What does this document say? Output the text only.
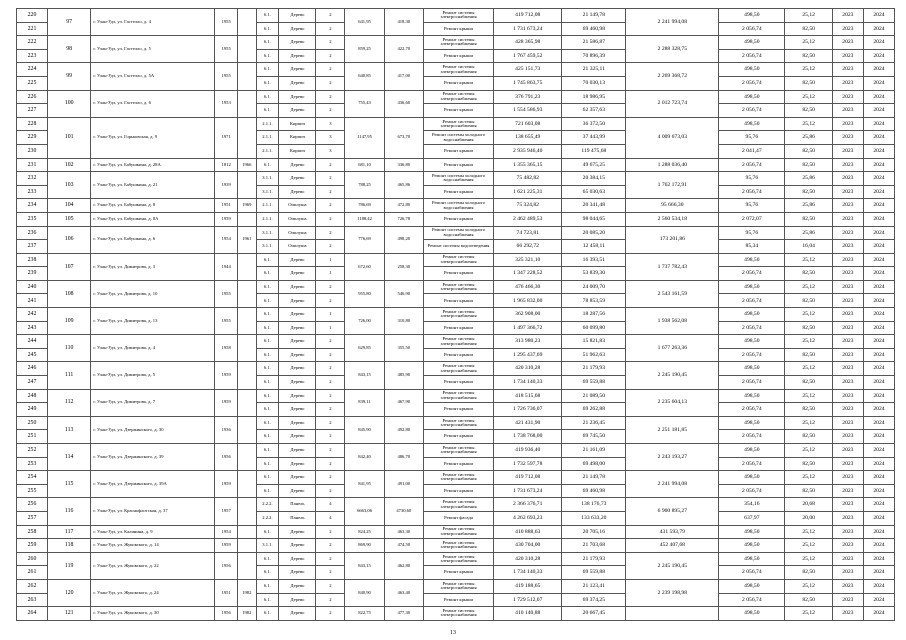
220	97	г. Улан-Удэ, ул. Гастелло, д. 4	1955		6.1.	Дерево	2	641,95	418,30	Ремонт системы электроснабжения	419 712,08	21 149,78	2 241 994,08	498,50	25,12	2023	2024
221					6.1.	Дерево	2			Ремонт крыши	1 731 673,24	69 460,98		2 056,74	82,50	2023	2024
222	98	г. Улан-Удэ, ул. Гастелло, д. 5	1955		6.1.	Дерево	2	859,25	422,70	Ремонт системы электроснабжения	428 365,98	21 586,87	2 288 328,75	498,50	25,12	2023	2024
223					6.1.	Дерево	2			Ремонт крыши	1 767 459,52	70 896,39		2 056,74	82,50	2023	2024
224	99	г. Улан-Удэ, ул. Гастелло, д. 5А	1955		6.1.	Дерево	2	640,85	417,00	Ремонт системы электроснабжения	425 151,73	21 325,11	2 269 368,72	498,50	25,12	2023	2024
225					6.1.	Дерево	2			Ремонт крыши	1 745 863,75	70 030,13		2 056,74	82,50	2023	2024
226	100	г. Улан-Удэ, ул. Гастелло, д. 6	1953		6.1.	Дерево	2	755,43	436,60	Ремонт системы электроснабжения	376 791,23	18 986,95	2 012 723,74	498,50	25,12	2023	2024
227					6.1.	Дерево	2			Ремонт крыши	1 554 586,93	62 357,63		2 056,74	82,50	2023	2024
228	101	г. Улан-Удэ, ул. Горьковская, д. 9	1971		2.1.1.	Кирпич	3	1147,95	673,70	Ремонт системы электроснабжения	721 603,08	36 372,50	4 009 673,03	498,50	25,12	2023	2024
229					2.1.1.	Кирпич	3			Ремонт системы холодного водоснабжения	138 655,49	37 443,99		95,76	25,86	2023	2024
230					2.1.1.	Кирпич	3			Ремонт крыши	2 935 946,40	119 475,68		2 041,47	82,50	2023	2024
231	102	г. Улан-Удэ, ул. Бабушкина, д. 28А	1812	1966	6.1.	Дерево	2	681,10	336,80	Ремонт крыши	1 355 365,15	49 675,25	1 288 036,40	2 056,74	82,50	2023	2024
232	103	г. Улан-Удэ, ул. Бабушкина, д. 21	1939		3.1.1.	Дерево	2	788,25	465,86	Ремонт системы холодного водоснабжения	75 482,82	20 384,15	1 762 172,91	95,76	25,86	2023	2024
233					3.1.1.	Дерево	2			Ремонт крыши	1 621 225,31	65 030,63		2 056,74	82,50	2023	2024
234	104	г. Улан-Удэ, ул. Бабушкина, д. 8	1951	1969	2.1.1.	Опилуша	2	786,69	472,80	Ремонт системы холодного водоснабжения	75 324,82	20 341,48	95 666,30	95,76	25,86	2023	2024
235	105	г. Улан-Удэ, ул. Бабушкина, д. 8А	1959		2.1.1.	Опилуша	2	1188,42	726,78	Ремонт крыши	2 462 489,53	98 044,65	2 560 534,18	2 072,07	82,50	2023	2024
236	106	г. Улан-Удэ, ул. Бабушкина, д. 6	1954	1961	3.1.1.	Опилуша	2	776,69	498,20	Ремонт системы холодного водоснабжения	74 723,81	20 085,20	173 201,86	95,76	25,86	2023	2024
237					3.1.1.	Опилуша	2			Ремонт системы водоотведения	66 292,72	12 458,11		85,34	16,04	2023	2024
238	107	г. Улан-Удэ, ул. Димитрова, д. 3	1944		6.1.	Дерево	1	672,60	258,30	Ремонт системы электроснабжения	325 321,10	16 393,51	1 737 782,43	498,50	25,12	2023	2024
239					6.1.	Дерево	1			Ремонт крыши	1 347 228,52	53 839,30		2 056,74	82,50	2023	2024
240	108	г. Улан-Удэ, ул. Димитрова, д. 10	1955		6.1.	Дерево	2	955,80	546,90	Ремонт системы электроснабжения	476 466,30	24 009,70	2 543 161,59	498,50	25,12	2023	2024
241					6.1.	Дерево	2			Ремонт крыши	1 965 832,00	78 853,59		2 056,74	82,50	2023	2024
242	109	г. Улан-Удэ, ул. Димитрова, д. 13	1955		6.1.	Дерево	1	726,00	310,80	Ремонт системы электроснабжения	362 908,00	18 287,56	1 938 562,08	498,50	25,12	2023	2024
243					6.1.	Дерево	1			Ремонт крыши	1 497 366,72	60 099,80		2 056,74	82,50	2023	2024
244	110	г. Улан-Удэ, ул. Димитрова, д. 4	1958		6.1.	Дерево	2	629,85	355,50	Ремонт системы электроснабжения	313 980,23	15 821,83	1 677 263,36	498,50	25,12	2023	2024
245					6.1.	Дерево	2			Ремонт крыши	1 295 437,69	51 962,63		2 056,74	82,50	2023	2024
246	111	г. Улан-Удэ, ул. Димитрова, д. 5	1959		6.1.	Дерево	2	843,15	485,90	Ремонт системы электроснабжения	420 310,28	21 179,93	2 245 190,45	498,50	25,12	2023	2024
247					6.1.	Дерево	2			Ремонт крыши	1 734 140,33	69 559,88		2 056,74	82,50	2023	2024
248	112	г. Улан-Удэ, ул. Димитрова, д. 7	1959		6.1.	Дерево	2	839,11	467,90	Ремонт системы электроснабжения	418 515,68	21 089,50	2 235 604,13	498,50	25,12	2023	2024
249					6.1.	Дерево	2			Ремонт крыши	1 726 736,07	69 262,88		2 056,74	82,50	2023	2024
250	113	г. Улан-Удэ, ул. Дзержинского, д. 30	1936		6.1.	Дерево	2	845,90	492,80	Ремонт системы электроснабжения	421 431,90	21 236,45	2 251 181,85	498,50	25,12	2023	2024
251					6.1.	Дерево	2			Ремонт крыши	1 738 768,00	69 745,50		2 056,74	82,50	2023	2024
252	114	г. Улан-Удэ, ул. Дзержинского, д. 39	1956		6.1.	Дерево	2	842,40	486,70	Ремонт системы электроснабжения	419 936,40	21 161,09	2 243 193,27	498,50	25,12	2023	2024
253					6.1.	Дерево	2			Ремонт крыши	1 732 597,78	69 498,00		2 056,74	82,50	2023	2024
254	115	г. Улан-Удэ, ул. Дзержинского, д. 39А	1959		6.1.	Дерево	2	841,95	491,00	Ремонт системы электроснабжения	419 712,08	21 149,78	2 241 994,08	498,50	25,12	2023	2024
255					6.1.	Дерево	2			Ремонт крыши	1 731 673,24	69 460,98		2 056,74	82,50	2023	2024
256	116	г. Улан-Удэ, ул. Краснофлотская, д. 37	1957		2.2.2.	Панель	4	6663,06	4730,60	Ремонт системы электроснабжения	2 366 376,71	138 176,73	6 900 895,27	354,16	20,68	2023	2024
257					2.2.2.	Панель	4			Ремонт фасада	4 262 693,23	133 633,20		637,97	20,00	2023	2024
258	117	г. Улан-Удэ, ул. Калинина, д. 9	1954		6.1.	Дерево	2	824,25	463,30	Ремонт системы электроснабжения	410 888,63	20 705,16	431 593,79	498,50	25,12	2023	2024
259	118	г. Улан-Удэ, ул. Жуковского, д. 14	1959		3.1.1.	Дерево	2	869,90	474,50	Ремонт системы электроснабжения	430 704,00	21 703,68	452 407,68	498,50	25,12	2023	2024
260	119	г. Улан-Удэ, ул. Жуковского, д. 22	1956		6.1.	Дерево	2	843,15	462,80	Ремонт системы электроснабжения	420 310,28	21 179,93	2 245 190,45	498,50	25,12	2023	2024
261					6.1.	Дерево	2			Ремонт крыши	1 734 140,33	69 559,88		2 056,74	82,50	2023	2024
262	120	г. Улан-Удэ, ул. Жуковского, д. 24	1951	1982	6.1.	Дерево	2	840,90	463,40	Ремонт системы электроснабжения	419 188,65	21 123,41	2 239 198,98	498,50	25,12	2023	2024
263					6.1.	Дерево	2			Ремонт крыши	1 729 512,07	69 374,25		2 056,74	82,50	2023	2024
264	121	г. Улан-Удэ, ул. Жуковского, д. 30	1956	1982	6.1.	Дерево	2	822,75	477,30	Ремонт системы электроснабжения	410 140,88	20 667,45		498,50	25,12	2023	2024
13
